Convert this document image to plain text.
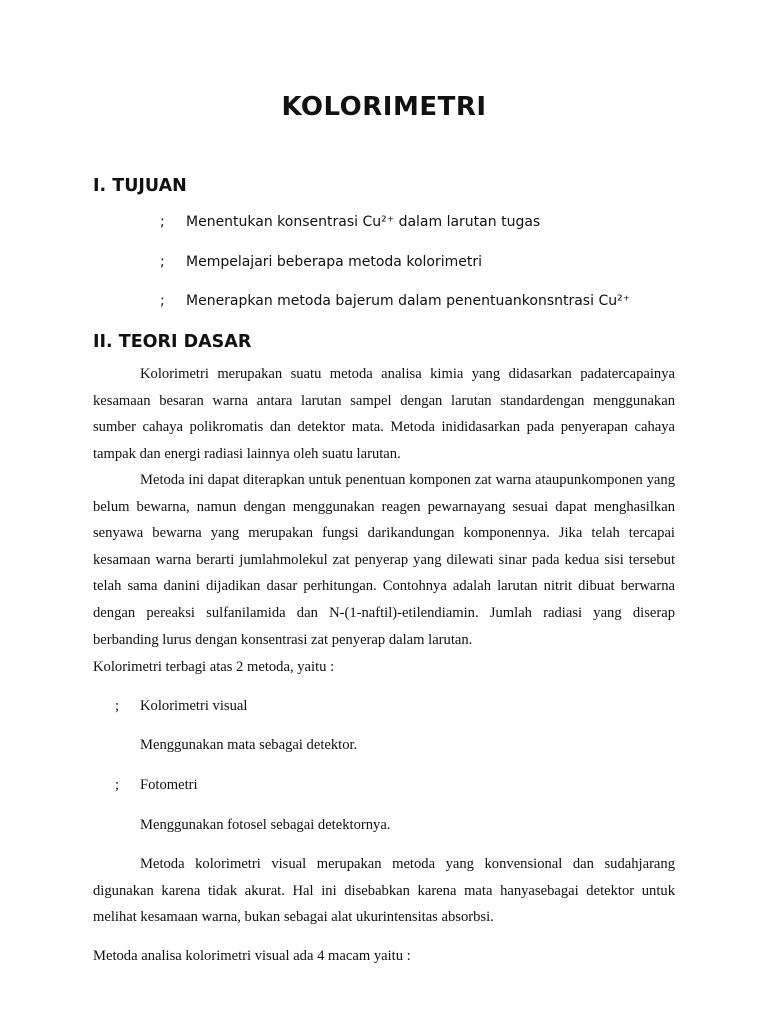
KOLORIMETRI
I. TUJUAN
; Menentukan konsentrasi Cu²⁺ dalam larutan tugas
; Mempelajari beberapa metoda kolorimetri
; Menerapkan metoda bajerum dalam penentuankonsntrasi Cu²⁺
II. TEORI DASAR

Kolorimetri merupakan suatu metoda analisa kimia yang didasarkan padatercapainya kesamaan besaran warna antara larutan sampel dengan larutan standardengan menggunakan sumber cahaya polikromatis dan detektor mata. Metoda inididasarkan pada penyerapan cahaya tampak dan energi radiasi lainnya oleh suatu larutan.

Metoda ini dapat diterapkan untuk penentuan komponen zat warna ataupunkomponen yang belum bewarna, namun dengan menggunakan reagen pewarnayang sesuai dapat menghasilkan senyawa bewarna yang merupakan fungsi darikandungan komponennya. Jika telah tercapai kesamaan warna berarti jumlahmolekul zat penyerap yang dilewati sinar pada kedua sisi tersebut telah sama danini dijadikan dasar perhitungan. Contohnya adalah larutan nitrit dibuat berwarna dengan pereaksi sulfanilamida dan N-(1-naftil)-etilendiamin. Jumlah radiasi yang diserap berbanding lurus dengan konsentrasi zat penyerap dalam larutan.

Kolorimetri terbagi atas 2 metoda, yaitu :
; Kolorimetri visual
Menggunakan mata sebagai detektor.
; Fotometri
Menggunakan fotosel sebagai detektornya.

Metoda kolorimetri visual merupakan metoda yang konvensional dan sudahjarang digunakan karena tidak akurat. Hal ini disebabkan karena mata hanyasebagai detektor untuk melihat kesamaan warna, bukan sebagai alat ukurintensitas absorbsi.

Metoda analisa kolorimetri visual ada 4 macam yaitu :
